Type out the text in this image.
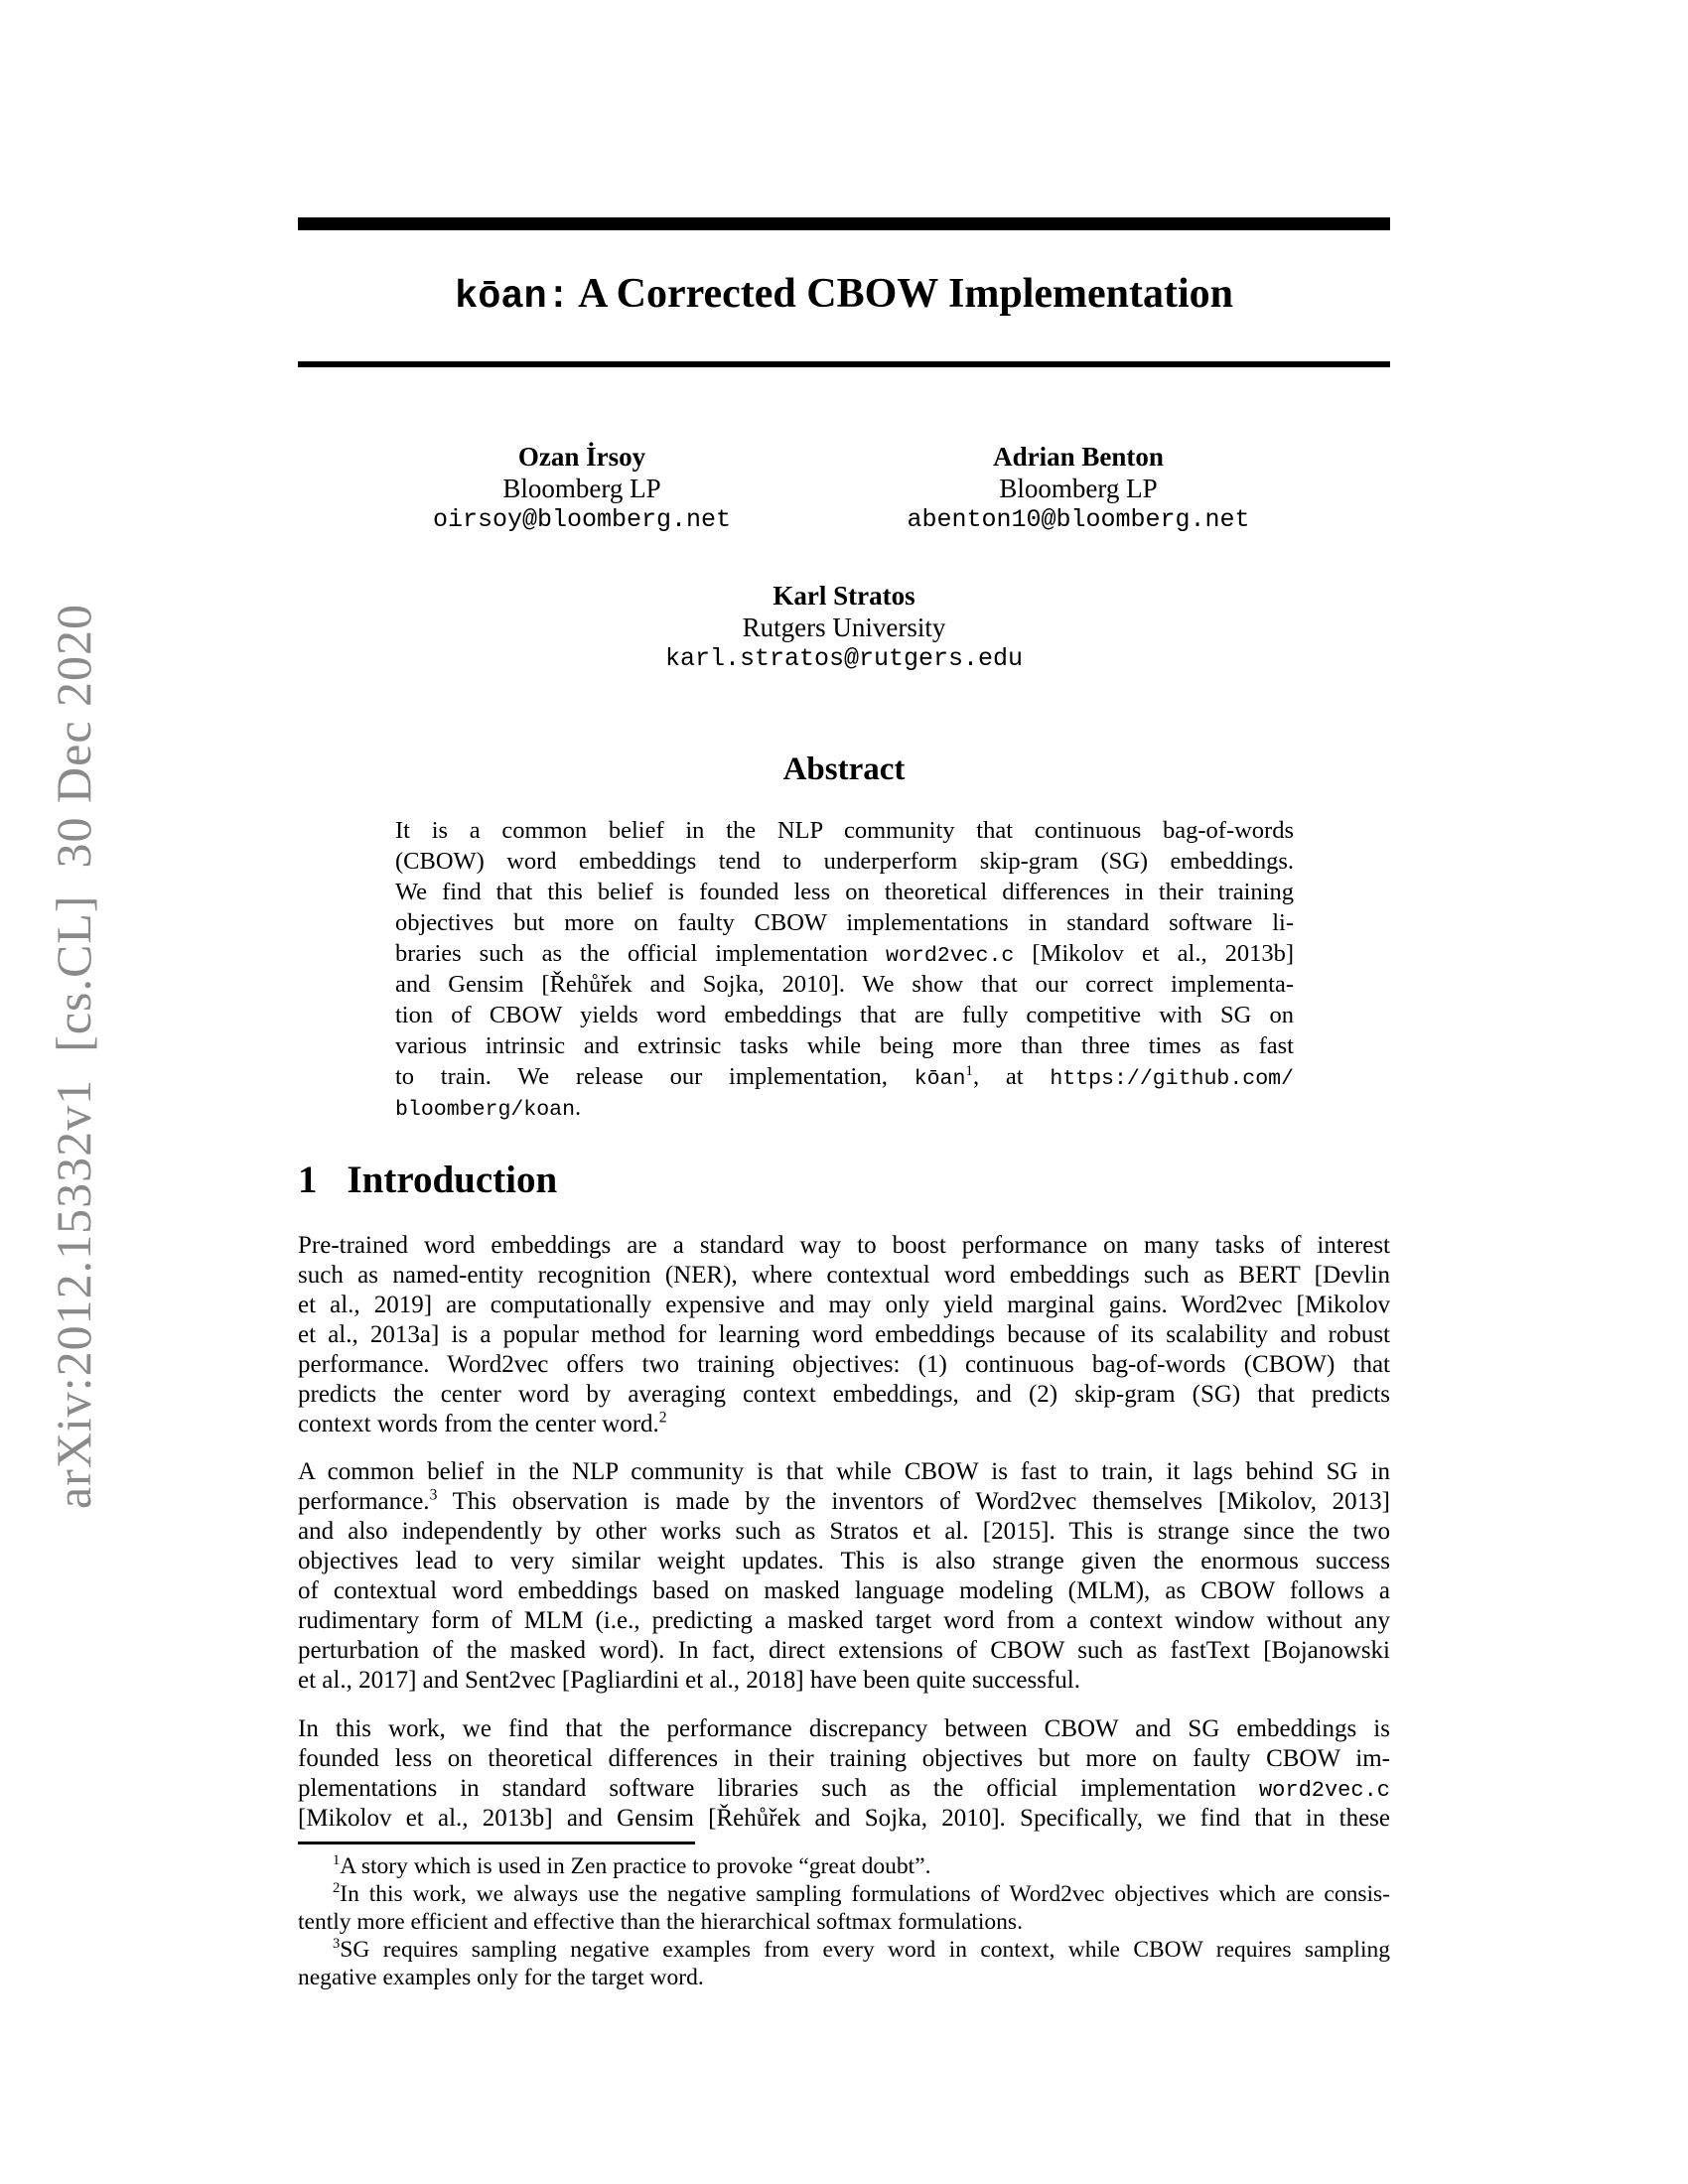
arXiv:2012.15332v1  [cs.CL]  30 Dec 2020
kōan: A Corrected CBOW Implementation
Ozan İrsoy
Bloomberg LP
oirsoy@bloomberg.net
Adrian Benton
Bloomberg LP
abenton10@bloomberg.net
Karl Stratos
Rutgers University
karl.stratos@rutgers.edu
Abstract
It is a common belief in the NLP community that continuous bag-of-words
(CBOW) word embeddings tend to underperform skip-gram (SG) embeddings.
We find that this belief is founded less on theoretical differences in their training
objectives but more on faulty CBOW implementations in standard software li-
braries such as the official implementation word2vec.c [Mikolov et al., 2013b]
and Gensim [Řehůřek and Sojka, 2010]. We show that our correct implementa-
tion of CBOW yields word embeddings that are fully competitive with SG on
various intrinsic and extrinsic tasks while being more than three times as fast
to train. We release our implementation, kōan$^1$, at https://github.com/
bloomberg/koan.
1 Introduction
Pre-trained word embeddings are a standard way to boost performance on many tasks of interest
such as named-entity recognition (NER), where contextual word embeddings such as BERT [Devlin
et al., 2019] are computationally expensive and may only yield marginal gains. Word2vec [Mikolov
et al., 2013a] is a popular method for learning word embeddings because of its scalability and robust
performance. Word2vec offers two training objectives: (1) continuous bag-of-words (CBOW) that
predicts the center word by averaging context embeddings, and (2) skip-gram (SG) that predicts
context words from the center word.$^2$
A common belief in the NLP community is that while CBOW is fast to train, it lags behind SG in
performance.$^3$ This observation is made by the inventors of Word2vec themselves [Mikolov, 2013]
and also independently by other works such as Stratos et al. [2015]. This is strange since the two
objectives lead to very similar weight updates. This is also strange given the enormous success
of contextual word embeddings based on masked language modeling (MLM), as CBOW follows a
rudimentary form of MLM (i.e., predicting a masked target word from a context window without any
perturbation of the masked word). In fact, direct extensions of CBOW such as fastText [Bojanowski
et al., 2017] and Sent2vec [Pagliardini et al., 2018] have been quite successful.
In this work, we find that the performance discrepancy between CBOW and SG embeddings is
founded less on theoretical differences in their training objectives but more on faulty CBOW im-
plementations in standard software libraries such as the official implementation word2vec.c
[Mikolov et al., 2013b] and Gensim [Řehůřek and Sojka, 2010]. Specifically, we find that in these
$^1$A story which is used in Zen practice to provoke “great doubt”.
$^2$In this work, we always use the negative sampling formulations of Word2vec objectives which are consis-
tently more efficient and effective than the hierarchical softmax formulations.
$^3$SG requires sampling negative examples from every word in context, while CBOW requires sampling
negative examples only for the target word.
